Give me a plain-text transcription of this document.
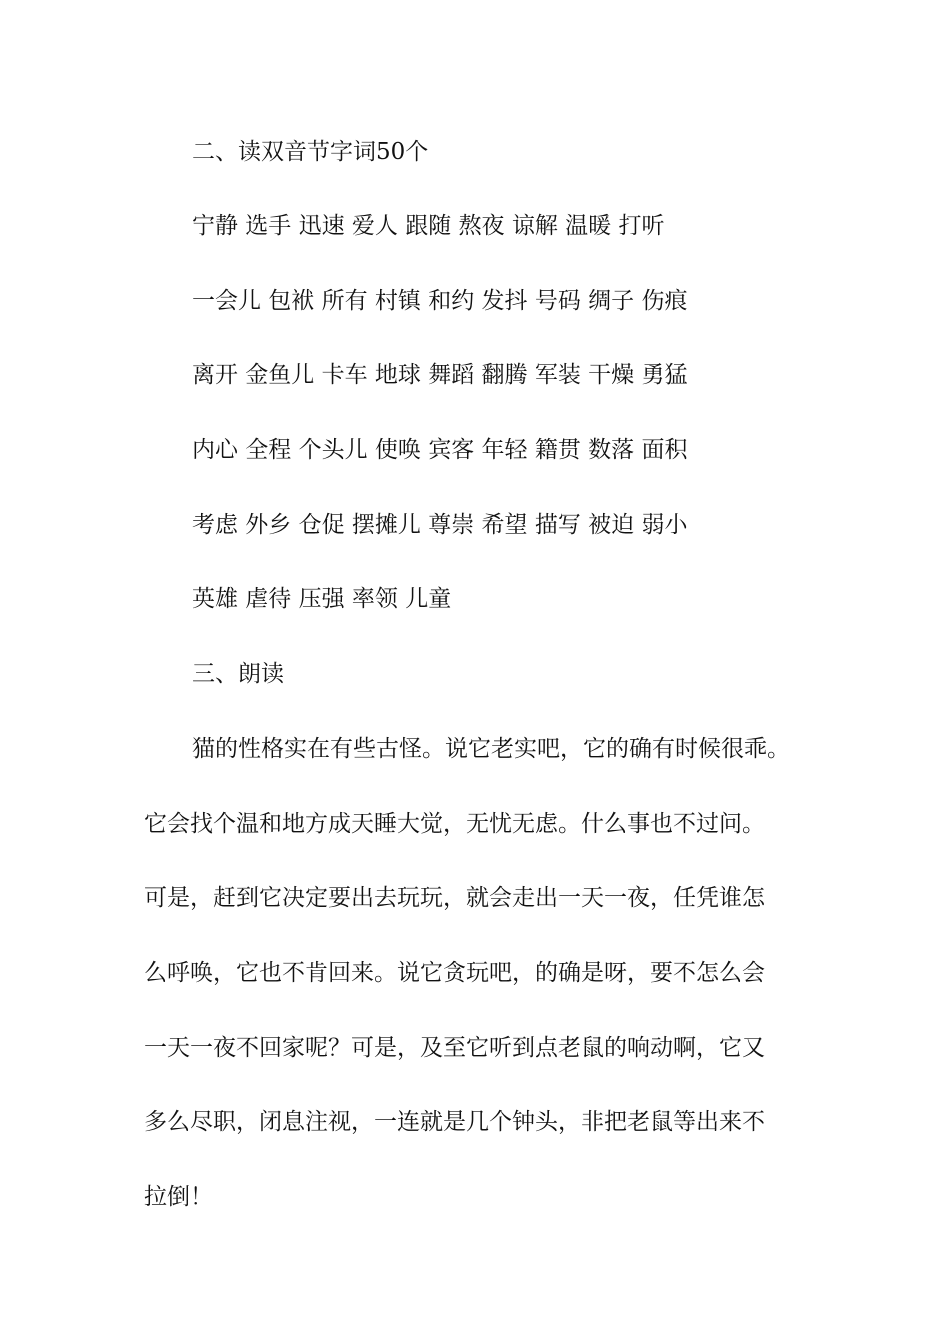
二、读双音节字词50个
宁静 选手 迅速 爱人 跟随 熬夜 谅解 温暖 打听
一会儿 包袱 所有 村镇 和约 发抖 号码 绸子 伤痕
离开 金鱼儿 卡车 地球 舞蹈 翻腾 军装 干燥 勇猛
内心 全程 个头儿 使唤 宾客 年轻 籍贯 数落 面积
考虑 外乡 仓促 摆摊儿 尊崇 希望 描写 被迫 弱小
英雄 虐待 压强 率领 儿童
三、朗读
猫的性格实在有些古怪。说它老实吧，它的确有时候很乖。
它会找个温和地方成天睡大觉，无忧无虑。什么事也不过问。
可是，赶到它决定要出去玩玩，就会走出一天一夜，任凭谁怎
么呼唤，它也不肯回来。说它贪玩吧，的确是呀，要不怎么会
一天一夜不回家呢？可是，及至它听到点老鼠的响动啊，它又
多么尽职，闭息注视，一连就是几个钟头，非把老鼠等出来不
拉倒！
